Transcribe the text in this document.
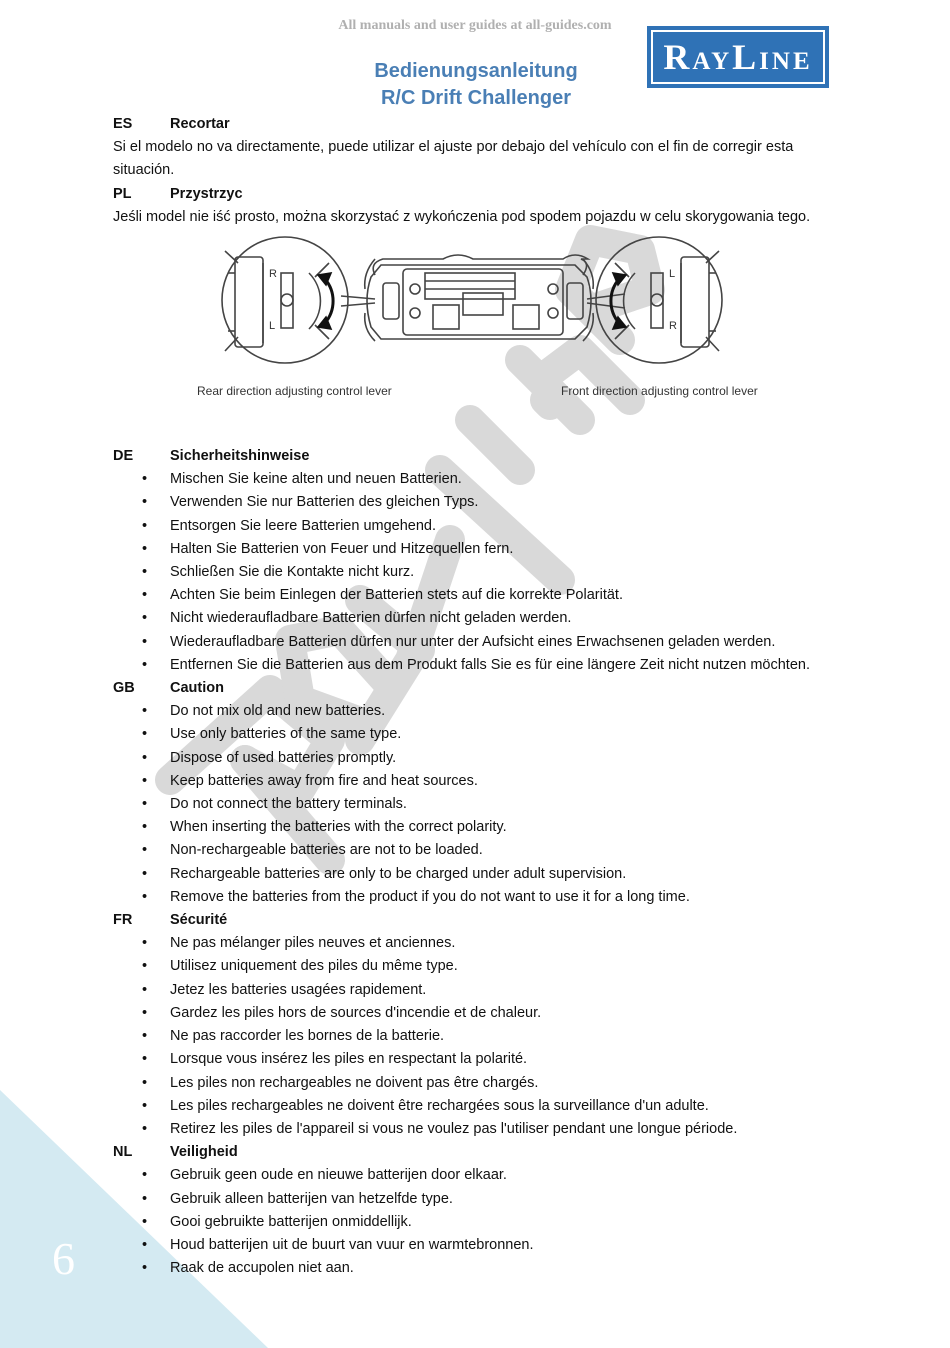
6
All manuals and user guides at all-guides.com
Bedienungsanleitung
R/C Drift Challenger
RayLine
ES	Recortar

Si el modelo no va directamente, puede utilizar el ajuste por debajo del vehículo con el fin de corregir esta situación.

PL	Przystrzyc

Jeśli model nie iść prosto, można skorzystać z wykończenia pod spodem pojazdu w celu skorygowania tego.

R
L
L
R
Rear direction adjusting control lever	Front direction adjusting control lever
DE	Sicherheitshinweise
• Mischen Sie keine alten und neuen Batterien.
• Verwenden Sie nur Batterien des gleichen Typs.
• Entsorgen Sie leere Batterien umgehend.
• Halten Sie Batterien von Feuer und Hitzequellen fern.
• Schließen Sie die Kontakte nicht kurz.
• Achten Sie beim Einlegen der Batterien stets auf die korrekte Polarität.
• Nicht wiederaufladbare Batterien dürfen nicht geladen werden.
• Wiederaufladbare Batterien dürfen nur unter der Aufsicht eines Erwachsenen geladen werden.
• Entfernen Sie die Batterien aus dem Produkt falls Sie es für eine längere Zeit nicht nutzen möchten.
GB	Caution
• Do not mix old and new batteries.
• Use only batteries of the same type.
• Dispose of used batteries promptly.
• Keep batteries away from fire and heat sources.
• Do not connect the battery terminals.
• When inserting the batteries with the correct polarity.
• Non-rechargeable batteries are not to be loaded.
• Rechargeable batteries are only to be charged under adult supervision.
• Remove the batteries from the product if you do not want to use it for a long time.
FR	Sécurité
• Ne pas mélanger piles neuves et anciennes.
• Utilisez uniquement des piles du même type.
• Jetez les batteries usagées rapidement.
• Gardez les piles hors de sources d'incendie et de chaleur.
• Ne pas raccorder les bornes de la batterie.
• Lorsque vous insérez les piles en respectant la polarité.
• Les piles non rechargeables ne doivent pas être chargés.
• Les piles rechargeables ne doivent être rechargées sous la surveillance d'un adulte.
• Retirez les piles de l'appareil si vous ne voulez pas l'utiliser pendant une longue période.
NL	Veiligheid
• Gebruik geen oude en nieuwe batterijen door elkaar.
• Gebruik alleen batterijen van hetzelfde type.
• Gooi gebruikte batterijen onmiddellijk.
• Houd batterijen uit de buurt van vuur en warmtebronnen.
• Raak de accupolen niet aan.
